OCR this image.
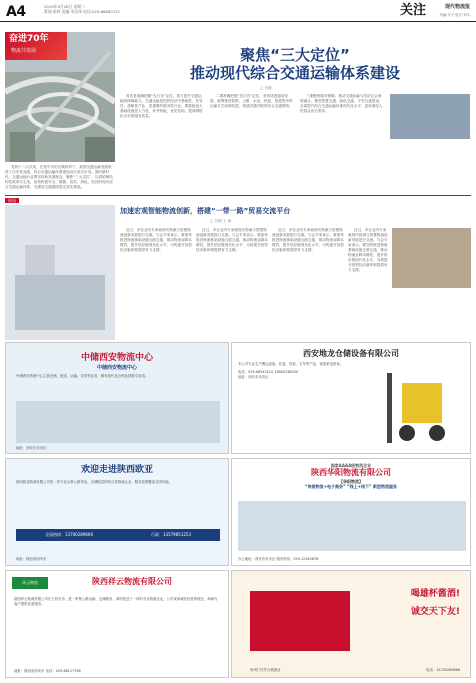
A4	2019年5月28日 星期二
策划:张辉 责编:李岩伟 电话:029-88600722	关注	现代物流报
执编:付冬 版式:刘永
奋进70年
物流共发展	聚焦“三大定位”
推动现代综合交通运输体系建设
□ 吕欧

党的十八大以来，在党中央的正确领导下，我国交通运输发展取得了历史性成就，综合交通运输体系建设迈出坚实步伐。面向新时代，交通运输行业要坚持新发展理念，聚焦“三大定位”，以供给侧结构性改革为主线，加快构建安全、便捷、高效、绿色、经济的现代综合交通运输体系，为建设交通强国奠定坚实基础。

首先是准确把握“先行官”定位，着力提升交通运输的保障能力。交通运输是国民经济中基础性、先导性、战略性产业，是重要的服务性行业。要继续加大基础设施投入力度，补齐短板，优化结构，提高网络化水平和服务质量。

二要准确把握“先行官”定位，坚持适度超前发展，统筹推进铁路、公路、水运、民航、管道等多种运输方式协调发展，构建内通外联的综合交通网络。

三要聚焦服务保障，推动交通运输与经济社会深度融合，推进智慧交通、绿色交通、平安交通建设，全面提升综合交通运输体系现代化水平，更好满足人民群众出行需求。

资讯
加速宏观智能物流创新，搭建“一带一路”贸易交流平台
□ 吕欧 王 涛

近日，多位业内专家就现代物流与智慧物流创新发展进行交流。与会专家表示，要加快推进物流基础设施互联互通，推动物流业降本增效，提升供应链现代化水平，为构建开放型经济新体制提供有力支撑。

近日，多位业内专家就现代物流与智慧物流创新发展进行交流。与会专家表示，要加快推进物流基础设施互联互通，推动物流业降本增效，提升供应链现代化水平，为构建开放型经济新体制提供有力支撑。

近日，多位业内专家就现代物流与智慧物流创新发展进行交流。与会专家表示，要加快推进物流基础设施互联互通，推动物流业降本增效，提升供应链现代化水平，为构建开放型经济新体制提供有力支撑。

近日，多位业内专家就现代物流与智慧物流创新发展进行交流。与会专家表示，要加快推进物流基础设施互联互通，推动物流业降本增效，提升供应链现代化水平，为构建开放型经济新体制提供有力支撑。

中储西安物流中心
中储西安物流中心
中储西安物流中心主营仓储、配送、运输、交易等业务，拥有现代化仓库及铁路专用线。
地址：西安市未央区
西安地龙仓储设备有限公司
本公司专业生产搬运设备、托盘、货架、叉车等产品，欢迎来电咨询。
电话：029-86543210 13800138000
地址：西安市未央区
欢迎走进陕西欧亚
陕西欧亚物流有限公司是一家专业从事公路货运、仓储配送的综合性物流企业，服务范围覆盖全国各地。
全国热线：13700289666	行政：13579851253
地址：陕西省西安市
国家AAAA级物流企业
陕西华阳物流有限公司
【华阳物流】
“传统物流+电子商务” “线上+线下” 新型物流服务
办公地址：西安市未央区 服务热线：029-12345678
祥云物流	陕西祥云物流有限公司
陕西祥云物流有限公司位于西安市，是一家集公路运输、仓储服务、城市配送于一体的专业物流企业，公司秉承诚信经营的理念，竭诚为客户提供优质服务。
地址：陕西省西安市 电话：029-88117758
喝雄杯酱酒!
诚交天下友!
贵州仁怀茅台镇酒业	电话：13700289666
